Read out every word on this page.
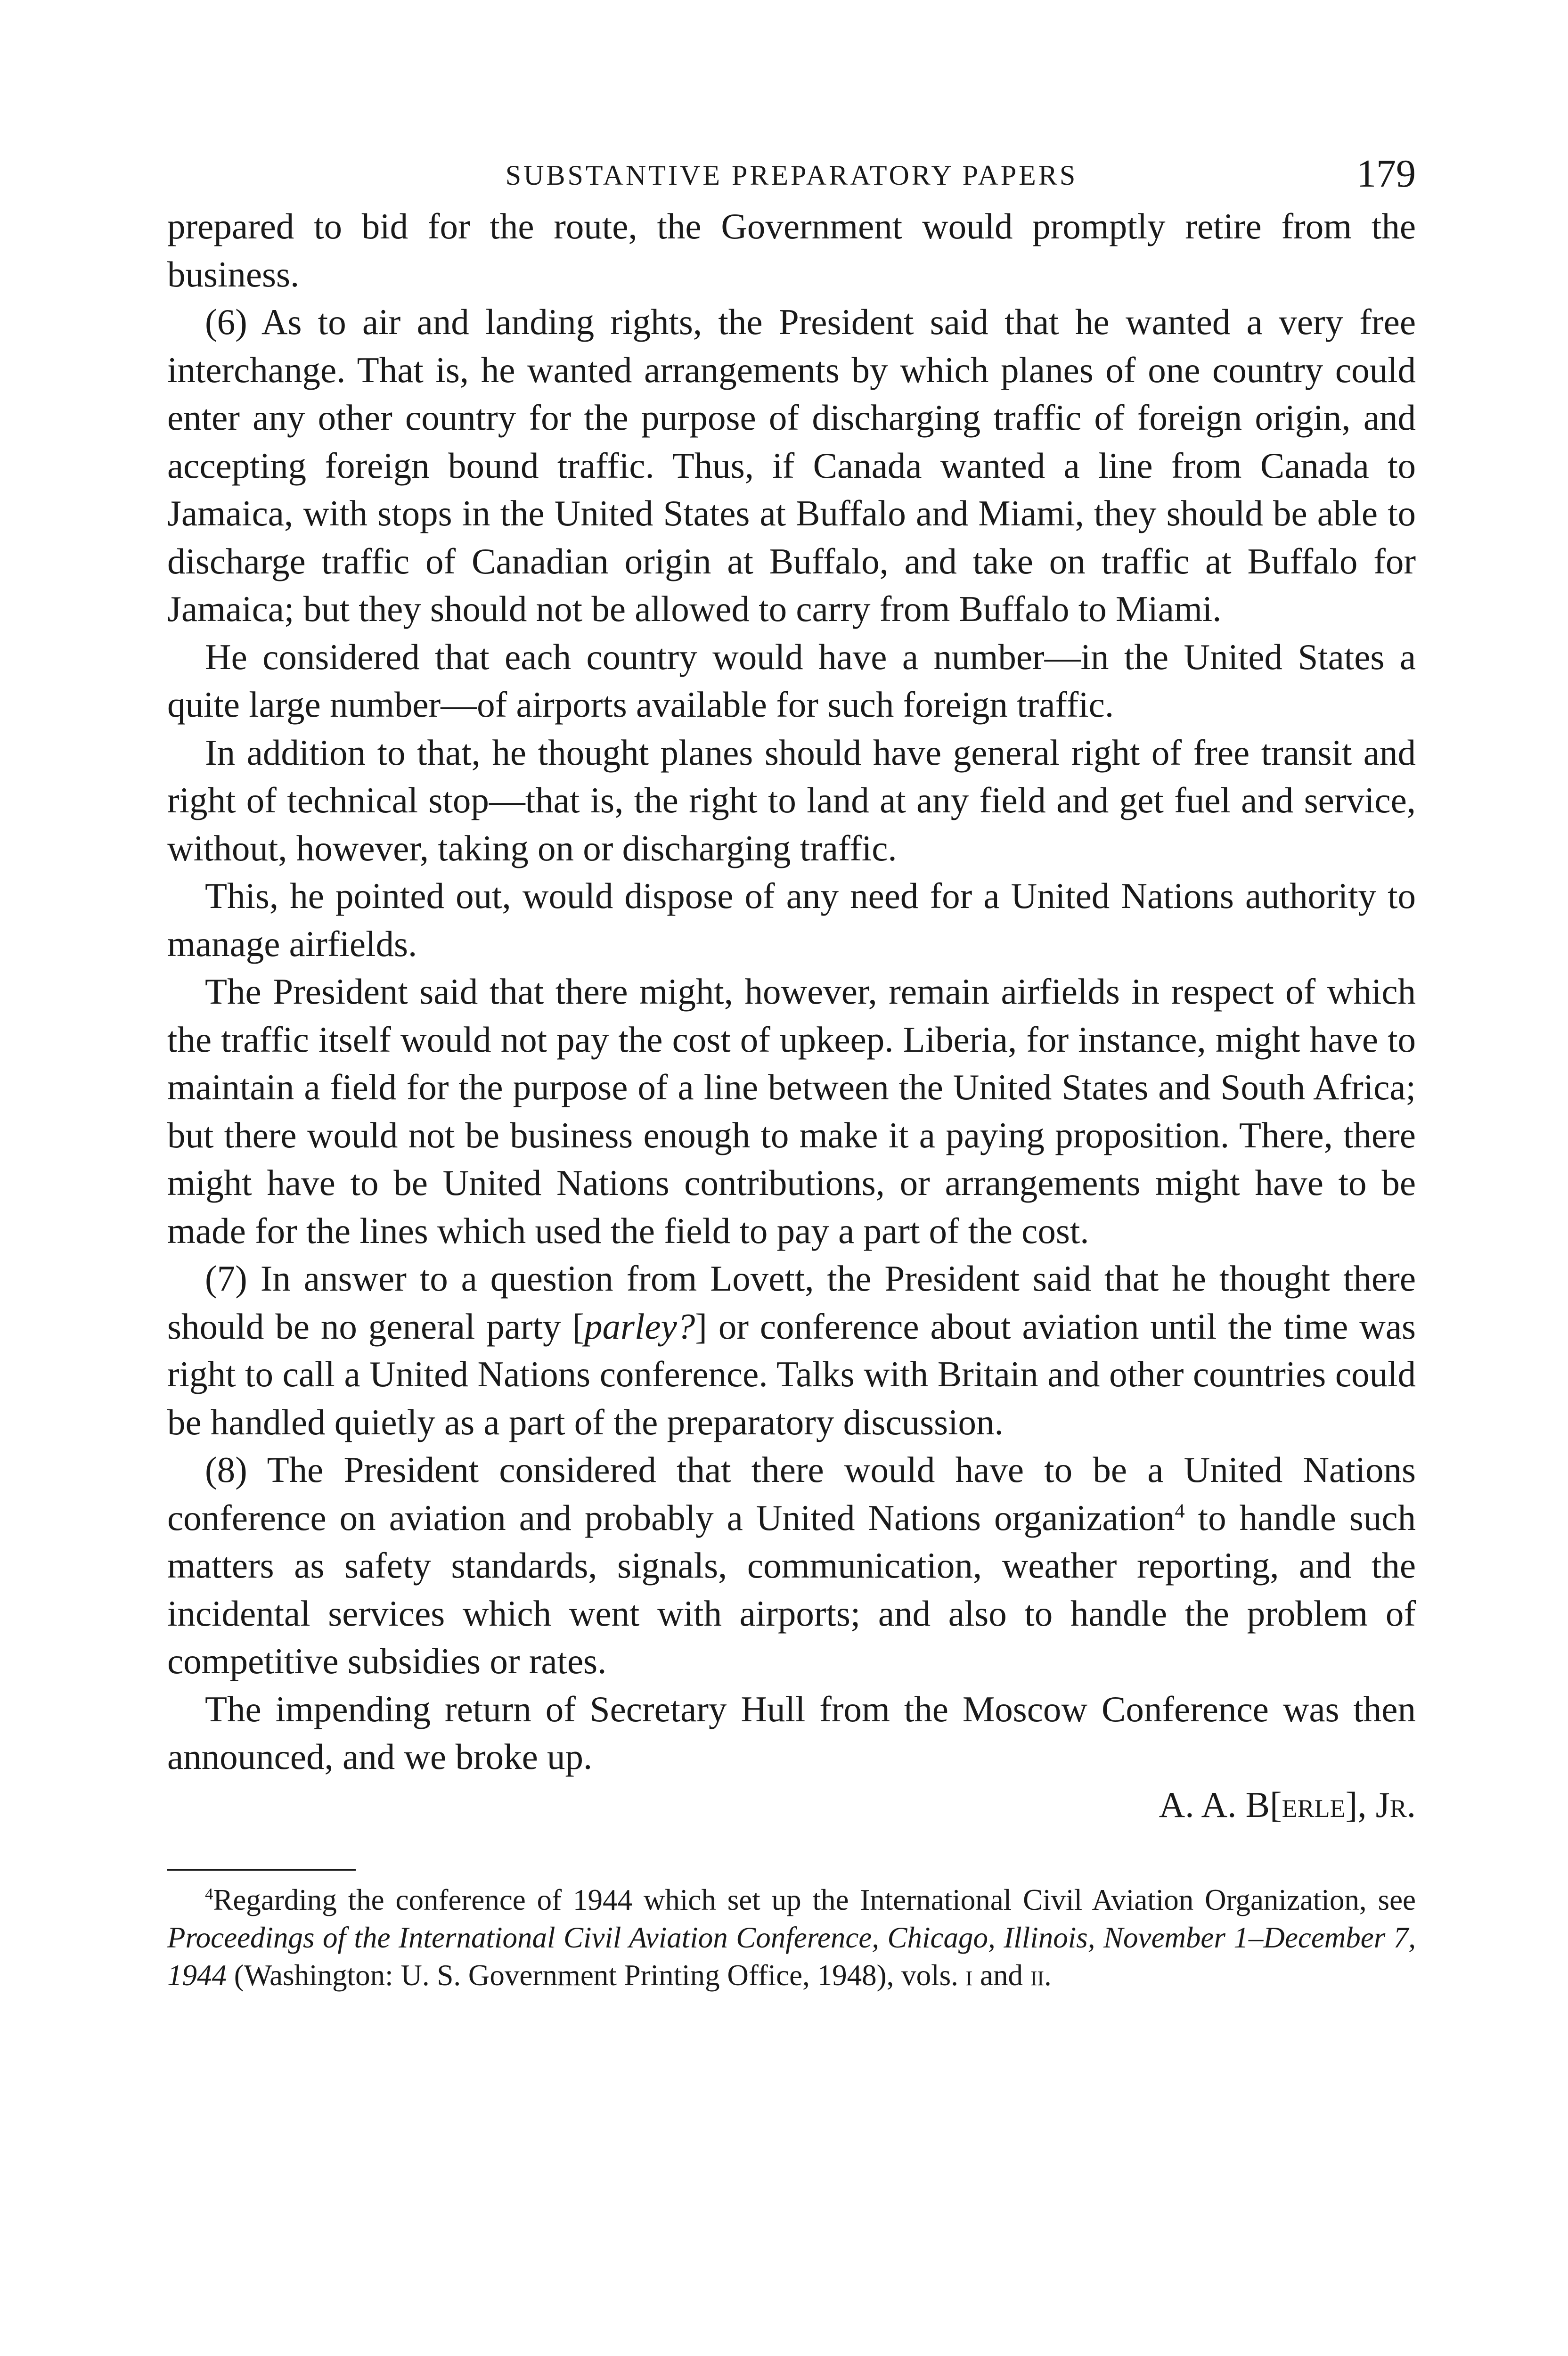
SUBSTANTIVE PREPARATORY PAPERS	179

prepared to bid for the route, the Government would promptly retire from the business.

(6) As to air and landing rights, the President said that he wanted a very free interchange. That is, he wanted arrangements by which planes of one country could enter any other country for the purpose of discharging traffic of foreign origin, and accepting foreign bound traffic. Thus, if Canada wanted a line from Canada to Jamaica, with stops in the United States at Buffalo and Miami, they should be able to discharge traffic of Canadian origin at Buffalo, and take on traffic at Buffalo for Jamaica; but they should not be allowed to carry from Buffalo to Miami.

He considered that each country would have a number—in the United States a quite large number—of airports available for such foreign traffic.

In addition to that, he thought planes should have general right of free transit and right of technical stop—that is, the right to land at any field and get fuel and service, without, however, taking on or discharging traffic.

This, he pointed out, would dispose of any need for a United Nations authority to manage airfields.

The President said that there might, however, remain airfields in respect of which the traffic itself would not pay the cost of upkeep. Liberia, for instance, might have to maintain a field for the purpose of a line between the United States and South Africa; but there would not be business enough to make it a paying proposition. There, there might have to be United Nations contributions, or arrangements might have to be made for the lines which used the field to pay a part of the cost.

(7) In answer to a question from Lovett, the President said that he thought there should be no general party [parley?] or conference about aviation until the time was right to call a United Nations conference. Talks with Britain and other countries could be handled quietly as a part of the preparatory discussion.

(8) The President considered that there would have to be a United Nations conference on aviation and probably a United Nations organization$^4$ to handle such matters as safety standards, signals, communication, weather reporting, and the incidental services which went with airports; and also to handle the problem of competitive subsidies or rates.

The impending return of Secretary Hull from the Moscow Conference was then announced, and we broke up.

A. A. B[erle], Jr.

$^4$Regarding the conference of 1944 which set up the International Civil Aviation Organization, see Proceedings of the International Civil Aviation Conference, Chicago, Illinois, November 1–December 7, 1944 (Washington: U. S. Government Printing Office, 1948), vols. i and ii.
